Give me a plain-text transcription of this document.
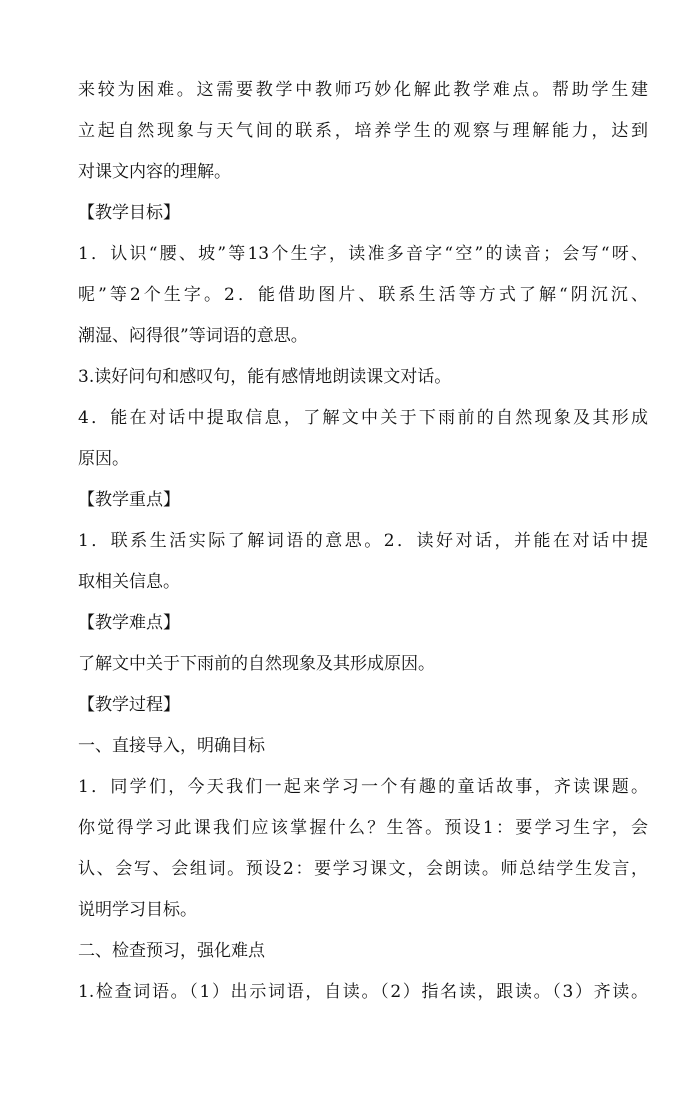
来较为困难。这需要教学中教师巧妙化解此教学难点。帮助学生建
立起自然现象与天气间的联系，培养学生的观察与理解能力，达到
对课文内容的理解。
【教学目标】
1．认识“腰、坡”等13个生字，读准多音字“空”的读音；会写“呀、
呢”等2个生字。2．能借助图片、联系生活等方式了解“阴沉沉、
潮湿、闷得很”等词语的意思。
3.读好问句和感叹句，能有感情地朗读课文对话。
4．能在对话中提取信息，了解文中关于下雨前的自然现象及其形成
原因。
【教学重点】
1．联系生活实际了解词语的意思。2．读好对话，并能在对话中提
取相关信息。
【教学难点】
了解文中关于下雨前的自然现象及其形成原因。
【教学过程】
一、直接导入，明确目标
1．同学们，今天我们一起来学习一个有趣的童话故事，齐读课题。
你觉得学习此课我们应该掌握什么？生答。预设1：要学习生字，会
认、会写、会组词。预设2：要学习课文，会朗读。师总结学生发言，
说明学习目标。
二、检查预习，强化难点
1.检查词语。（1）出示词语，自读。（2）指名读，跟读。（3）齐读。
